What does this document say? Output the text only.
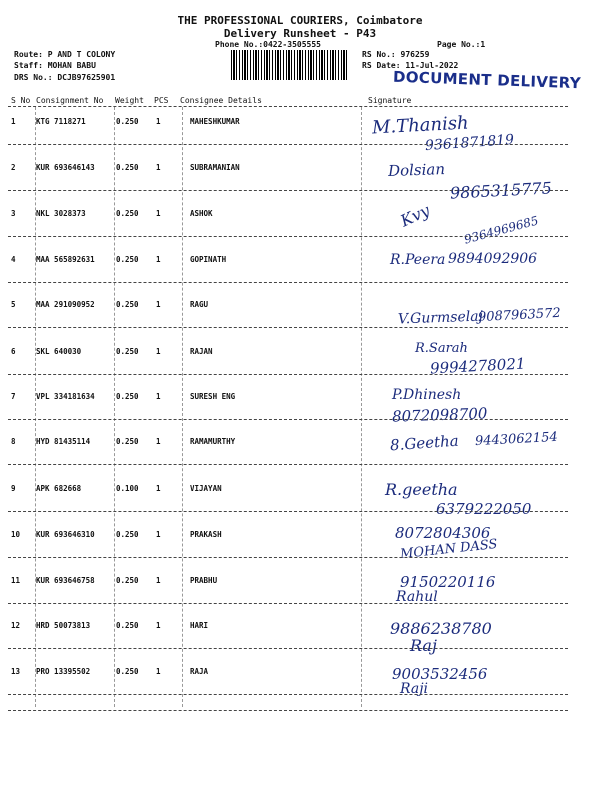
THE PROFESSIONAL COURIERS, Coimbatore
Delivery Runsheet - P43
Phone No.:0422-3505555	Page No.:1
Route: P AND T COLONY
Staff: MOHAN BABU
DRS No.: DCJB97625901
RS No.: 976259
RS Date: 11-Jul-2022
DOCUMENT DELIVERY
S No Consignment No Weight PCS Consignee Details	Signature
1	KTG 7118271	0.250 1	MAHESHKUMAR	M.Thanish
9361871819
2	KUR 693646143	0.250 1	SUBRAMANIAN	Dolsian
9865315775
3	NKL 3028373	0.250 1	ASHOK	Kvy 9364969685
4	MAA 565892631	0.250 1	GOPINATH	R.Peera 9894092906
5	MAA 291090952	0.250 1	RAGU
V.Gurmselaj
9087963572
6	SKL 640030	0.250 1	RAJAN	R.Sarah
9994278021
7	VPL 334181634	0.250 1	SURESH ENG	P.Dhinesh
8072098700
8	HYD 81435114	0.250 1	RAMAMURTHY	8.Geetha 9443062154
9	APK 682668	0.100 1	VIJAYAN	R.geetha
6379222050
10 KUR 693646310	0.250 1	PRAKASH	8072804306
MOHAN DASS
11 KUR 693646758	0.250 1	PRABHU	9150220116
Rahul
12 HRD 50073813	0.250 1	HARI	9886238780
Raj
13 PRO 13395502	0.250 1	RAJA	9003532456
Raji
